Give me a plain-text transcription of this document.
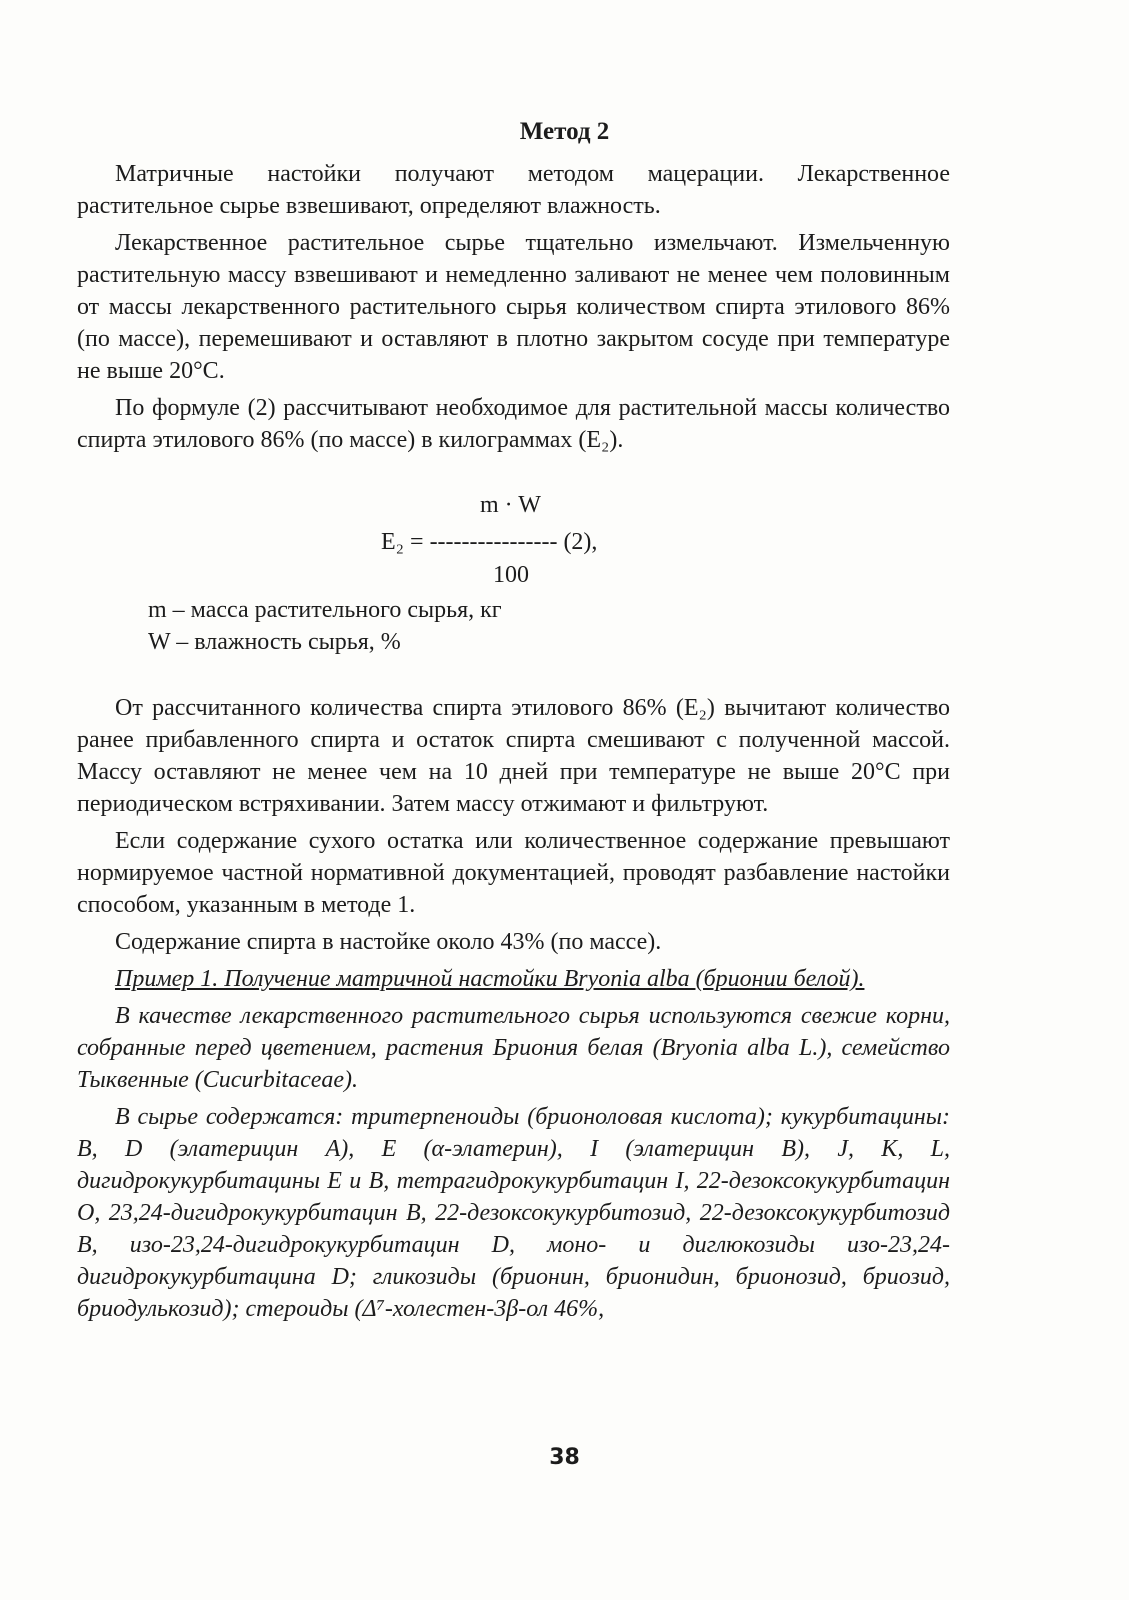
Метод 2

Матричные настойки получают методом мацерации. Лекарственное растительное сырье взвешивают, определяют влажность.

Лекарственное растительное сырье тщательно измельчают. Измельченную растительную массу взвешивают и немедленно заливают не менее чем половинным от массы лекарственного растительного сырья количеством спирта этилового 86% (по массе), перемешивают и оставляют в плотно закрытом сосуде при температуре не выше 20°С.

По формуле (2) рассчитывают необходимое для растительной массы количество спирта этилового 86% (по массе) в килограммах (E₂).

m · W
E₂ = ---------------- (2),
100
m – масса растительного сырья, кг
W – влажность сырья, %

От рассчитанного количества спирта этилового 86% (E₂) вычитают количество ранее прибавленного спирта и остаток спирта смешивают с полученной массой. Массу оставляют не менее чем на 10 дней при температуре не выше 20°С при периодическом встряхивании. Затем массу отжимают и фильтруют.

Если содержание сухого остатка или количественное содержание превышают нормируемое частной нормативной документацией, проводят разбавление настойки способом, указанным в методе 1.

Содержание спирта в настойке около 43% (по массе).

Пример 1. Получение матричной настойки Bryonia alba (брионии белой).

В качестве лекарственного растительного сырья используются свежие корни, собранные перед цветением, растения Бриония белая (Bryonia alba L.), семейство Тыквенные (Cucurbitaceae).

В сырье содержатся: тритерпеноиды (брионоловая кислота); кукурбитацины: B, D (элатерицин A), E (α-элатерин), I (элатерицин B), J, K, L, дигидрокукурбитацины E и B, тетрагидрокукурбитацин I, 22-дезоксокукурбитацин O, 23,24-дигидрокукурбитацин B, 22-дезоксокукурбитозид, 22-дезоксокукурбитозид B, изо-23,24-дигидрокукурбитацин D, моно- и диглюкозиды изо-23,24-дигидрокукурбитацина D; гликозиды (брионин, брионидин, брионозид, бриозид, бриодулькозид); стероиды (Δ⁷-холестен-3β-ол 46%,

38
